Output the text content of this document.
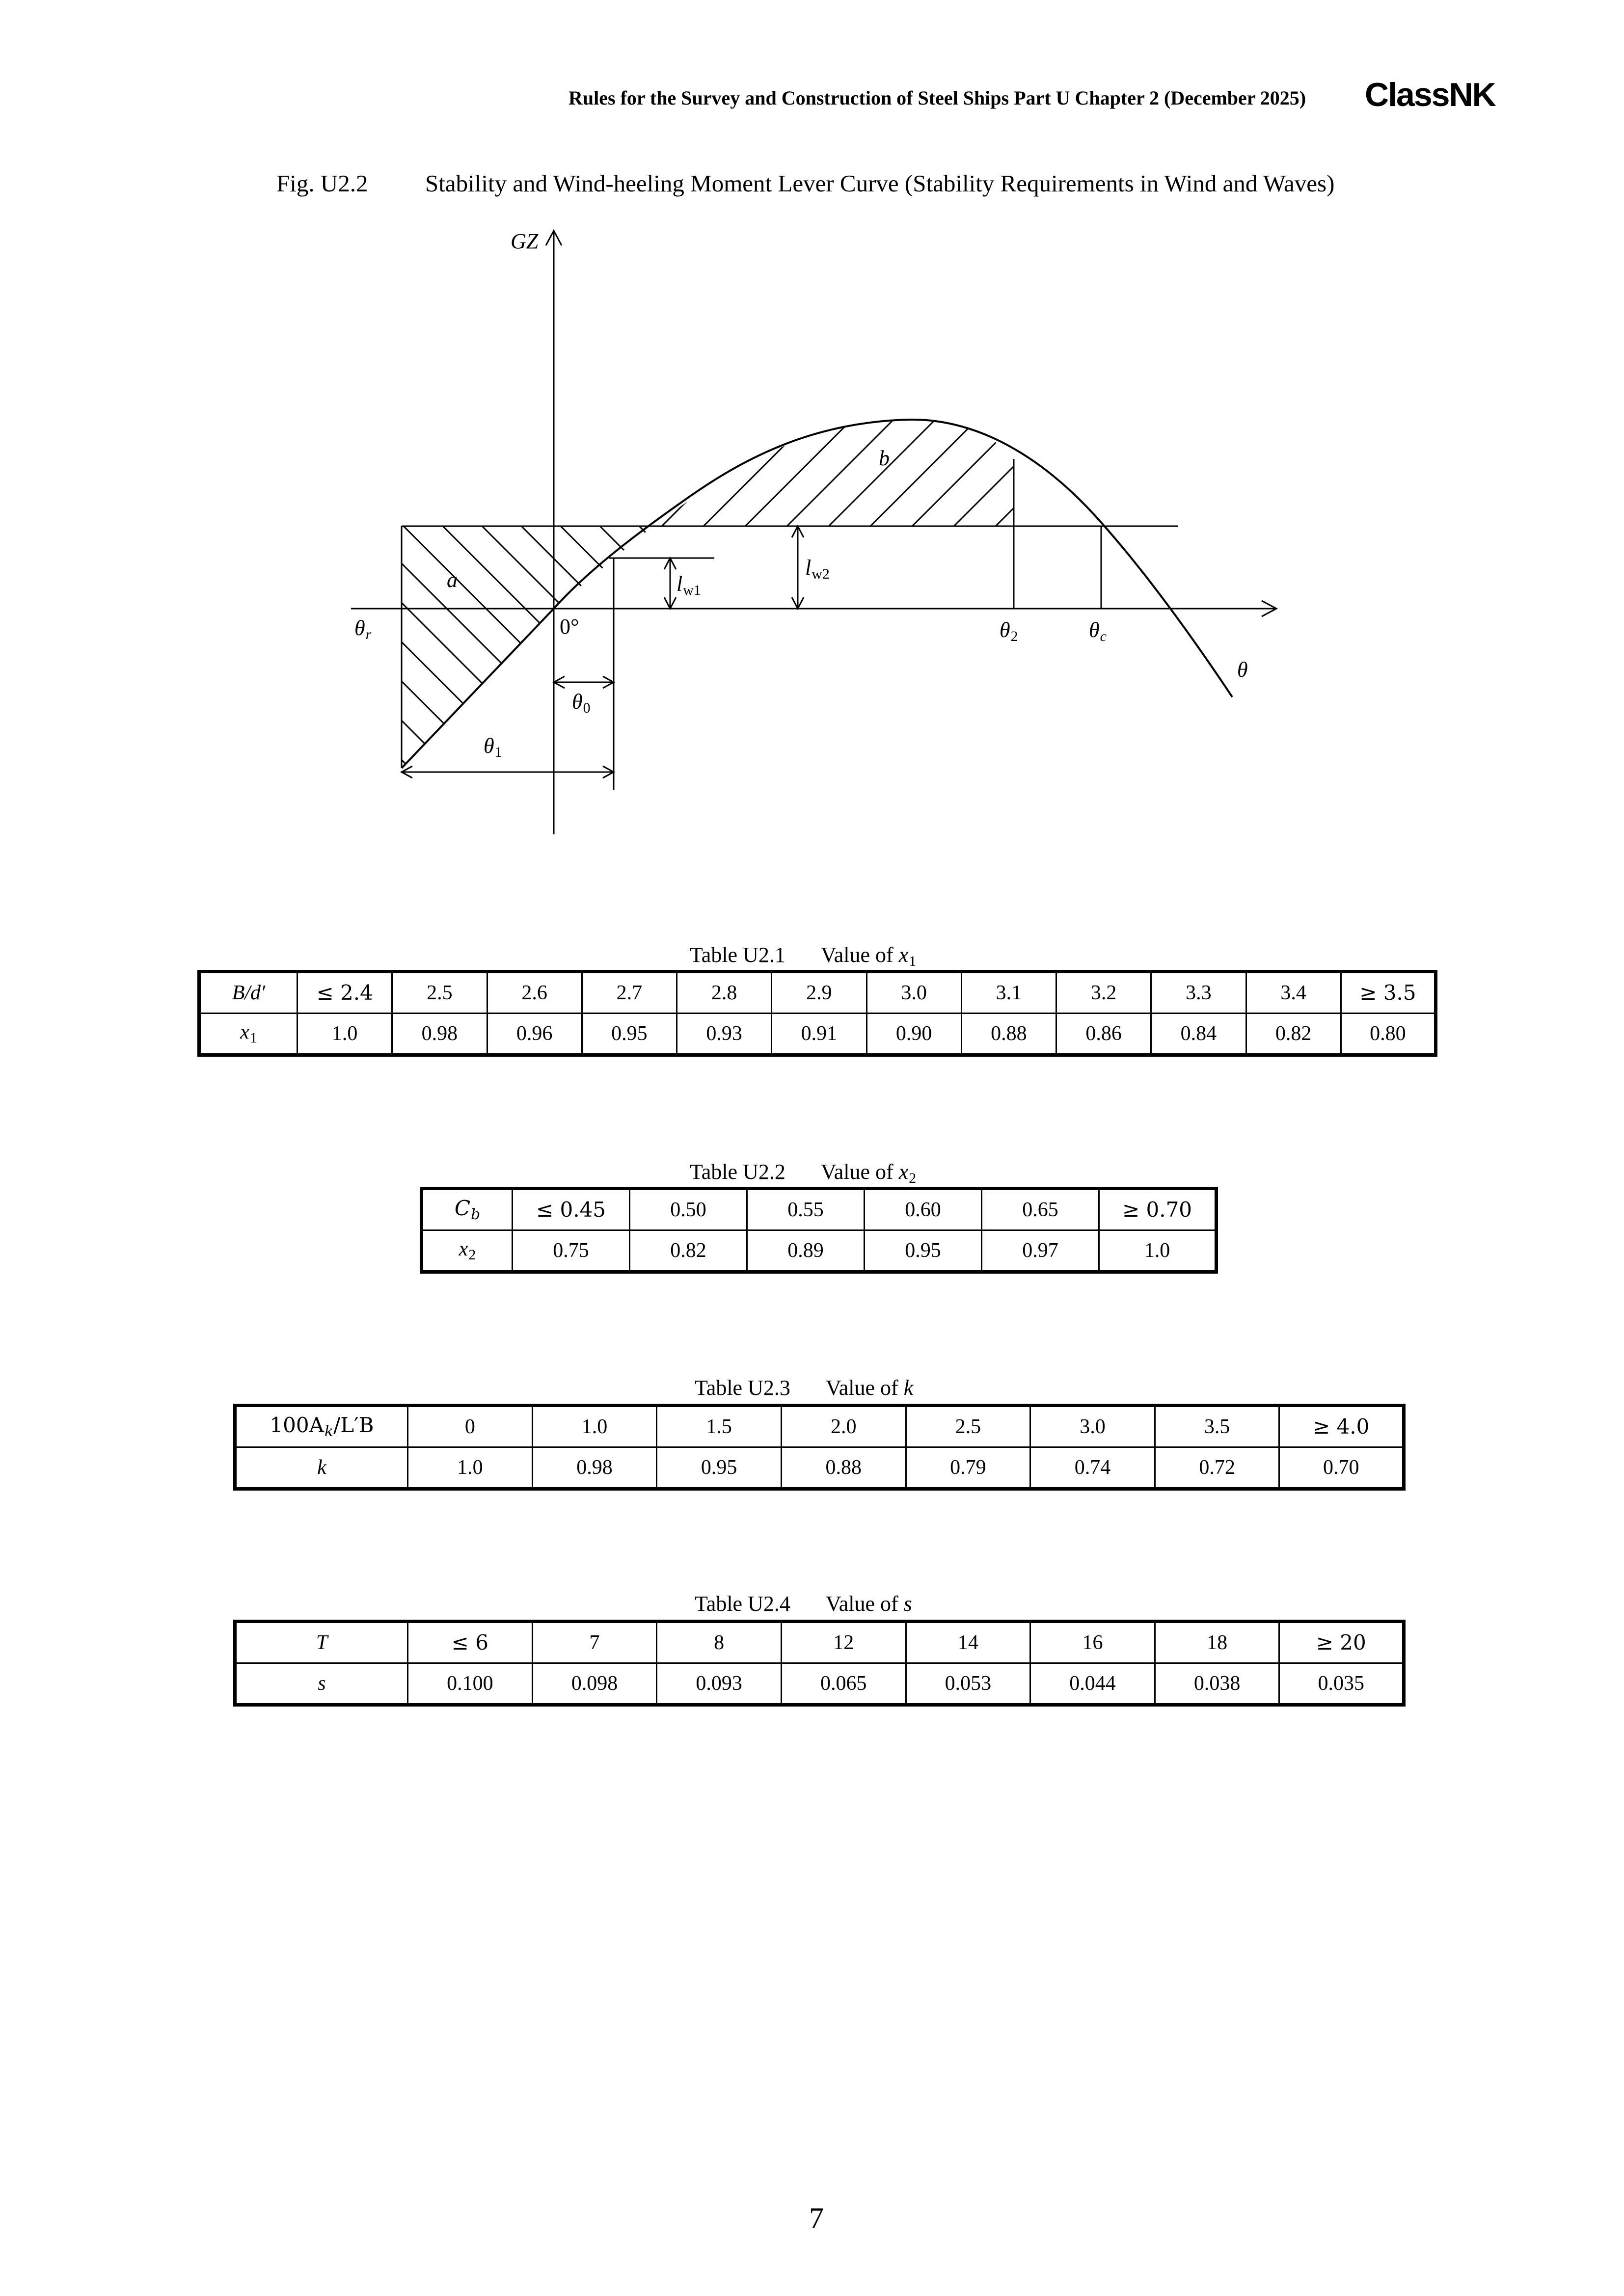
Rules for the Survey and Construction of Steel Ships Part U Chapter 2 (December 2025) ClassNK
Fig. U2.2 Stability and Wind-heeling Moment Lever Curve (Stability Requirements in Wind and Waves)
GZ
b
a
0°
$\theta_r$	$\theta_2$	$\theta_c$
θ
$\theta_0$
$\theta_1$
$l_{w1}$
$l_{w2}$
Table U2.1 Value of $x_1$
B/d′	≤ 2.4	2.5	2.6	2.7	2.8	2.9	3.0	3.1	3.2	3.3	3.4	≥ 3.5
$x_1$	1.0	0.98	0.96	0.95	0.93	0.91	0.90	0.88	0.86	0.84	0.82	0.80
Table U2.2 Value of $x_2$
$C_b$	≤ 0.45	0.50	0.55	0.60	0.65	≥ 0.70
$x_2$	0.75	0.82	0.89	0.95	0.97	1.0
Table U2.3 Value of k
$100A_k/L'B$	0	1.0	1.5	2.0	2.5	3.0	3.5	≥ 4.0
k	1.0	0.98	0.95	0.88	0.79	0.74	0.72	0.70
Table U2.4 Value of s
T	≤ 6	7	8	12	14	16	18	≥ 20
s	0.100	0.098	0.093	0.065	0.053	0.044	0.038	0.035
7
